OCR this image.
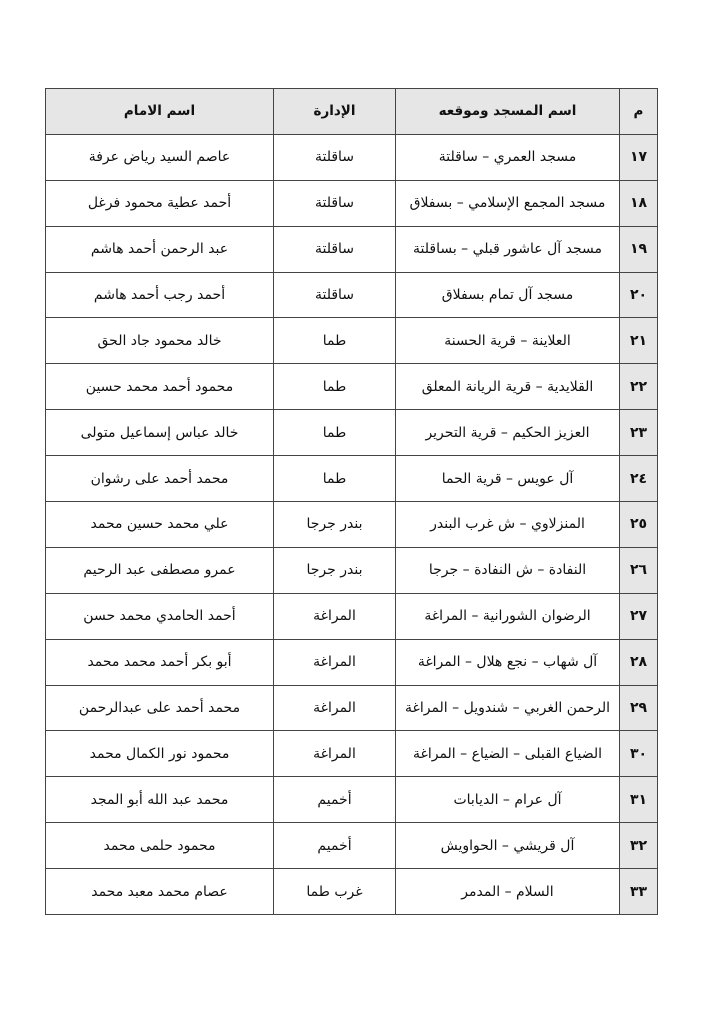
م	اسم المسجد وموقعه	الإدارة	اسم الامام
١٧	مسجد العمري – ساقلتة	ساقلتة	عاصم السيد رياض عرفة
١٨	مسجد المجمع الإسلامي – بسفلاق	ساقلتة	أحمد عطية محمود فرغل
١٩	مسجد آل عاشور قبلي – بساقلتة	ساقلتة	عبد الرحمن أحمد هاشم
٢٠	مسجد آل تمام بسفلاق	ساقلتة	أحمد رجب أحمد هاشم
٢١	العلاينة – قرية الحسنة	طما	خالد محمود جاد الحق
٢٢	القلايدية – قرية الريانة المعلق	طما	محمود أحمد محمد حسين
٢٣	العزيز الحكيم – قرية التحرير	طما	خالد عباس إسماعيل متولى
٢٤	آل عويس – قرية الحما	طما	محمد أحمد على رشوان
٢٥	المنزلاوي – ش غرب البندر	بندر جرجا	علي محمد حسين محمد
٢٦	النفادة – ش النفادة – جرجا	بندر جرجا	عمرو مصطفى عبد الرحيم
٢٧	الرضوان الشورانية – المراغة	المراغة	أحمد الحامدي محمد حسن
٢٨	آل شهاب – نجع هلال – المراغة	المراغة	أبو بكر أحمد محمد محمد
٢٩	الرحمن الغربي – شندويل – المراغة	المراغة	محمد أحمد على عبدالرحمن
٣٠	الضياع القبلى – الضياع – المراغة	المراغة	محمود نور الكمال محمد
٣١	آل عرام – الديابات	أخميم	محمد عبد الله أبو المجد
٣٢	آل قريشي – الحواويش	أخميم	محمود حلمى محمد
٣٣	السلام – المدمر	غرب طما	عصام محمد معبد محمد
